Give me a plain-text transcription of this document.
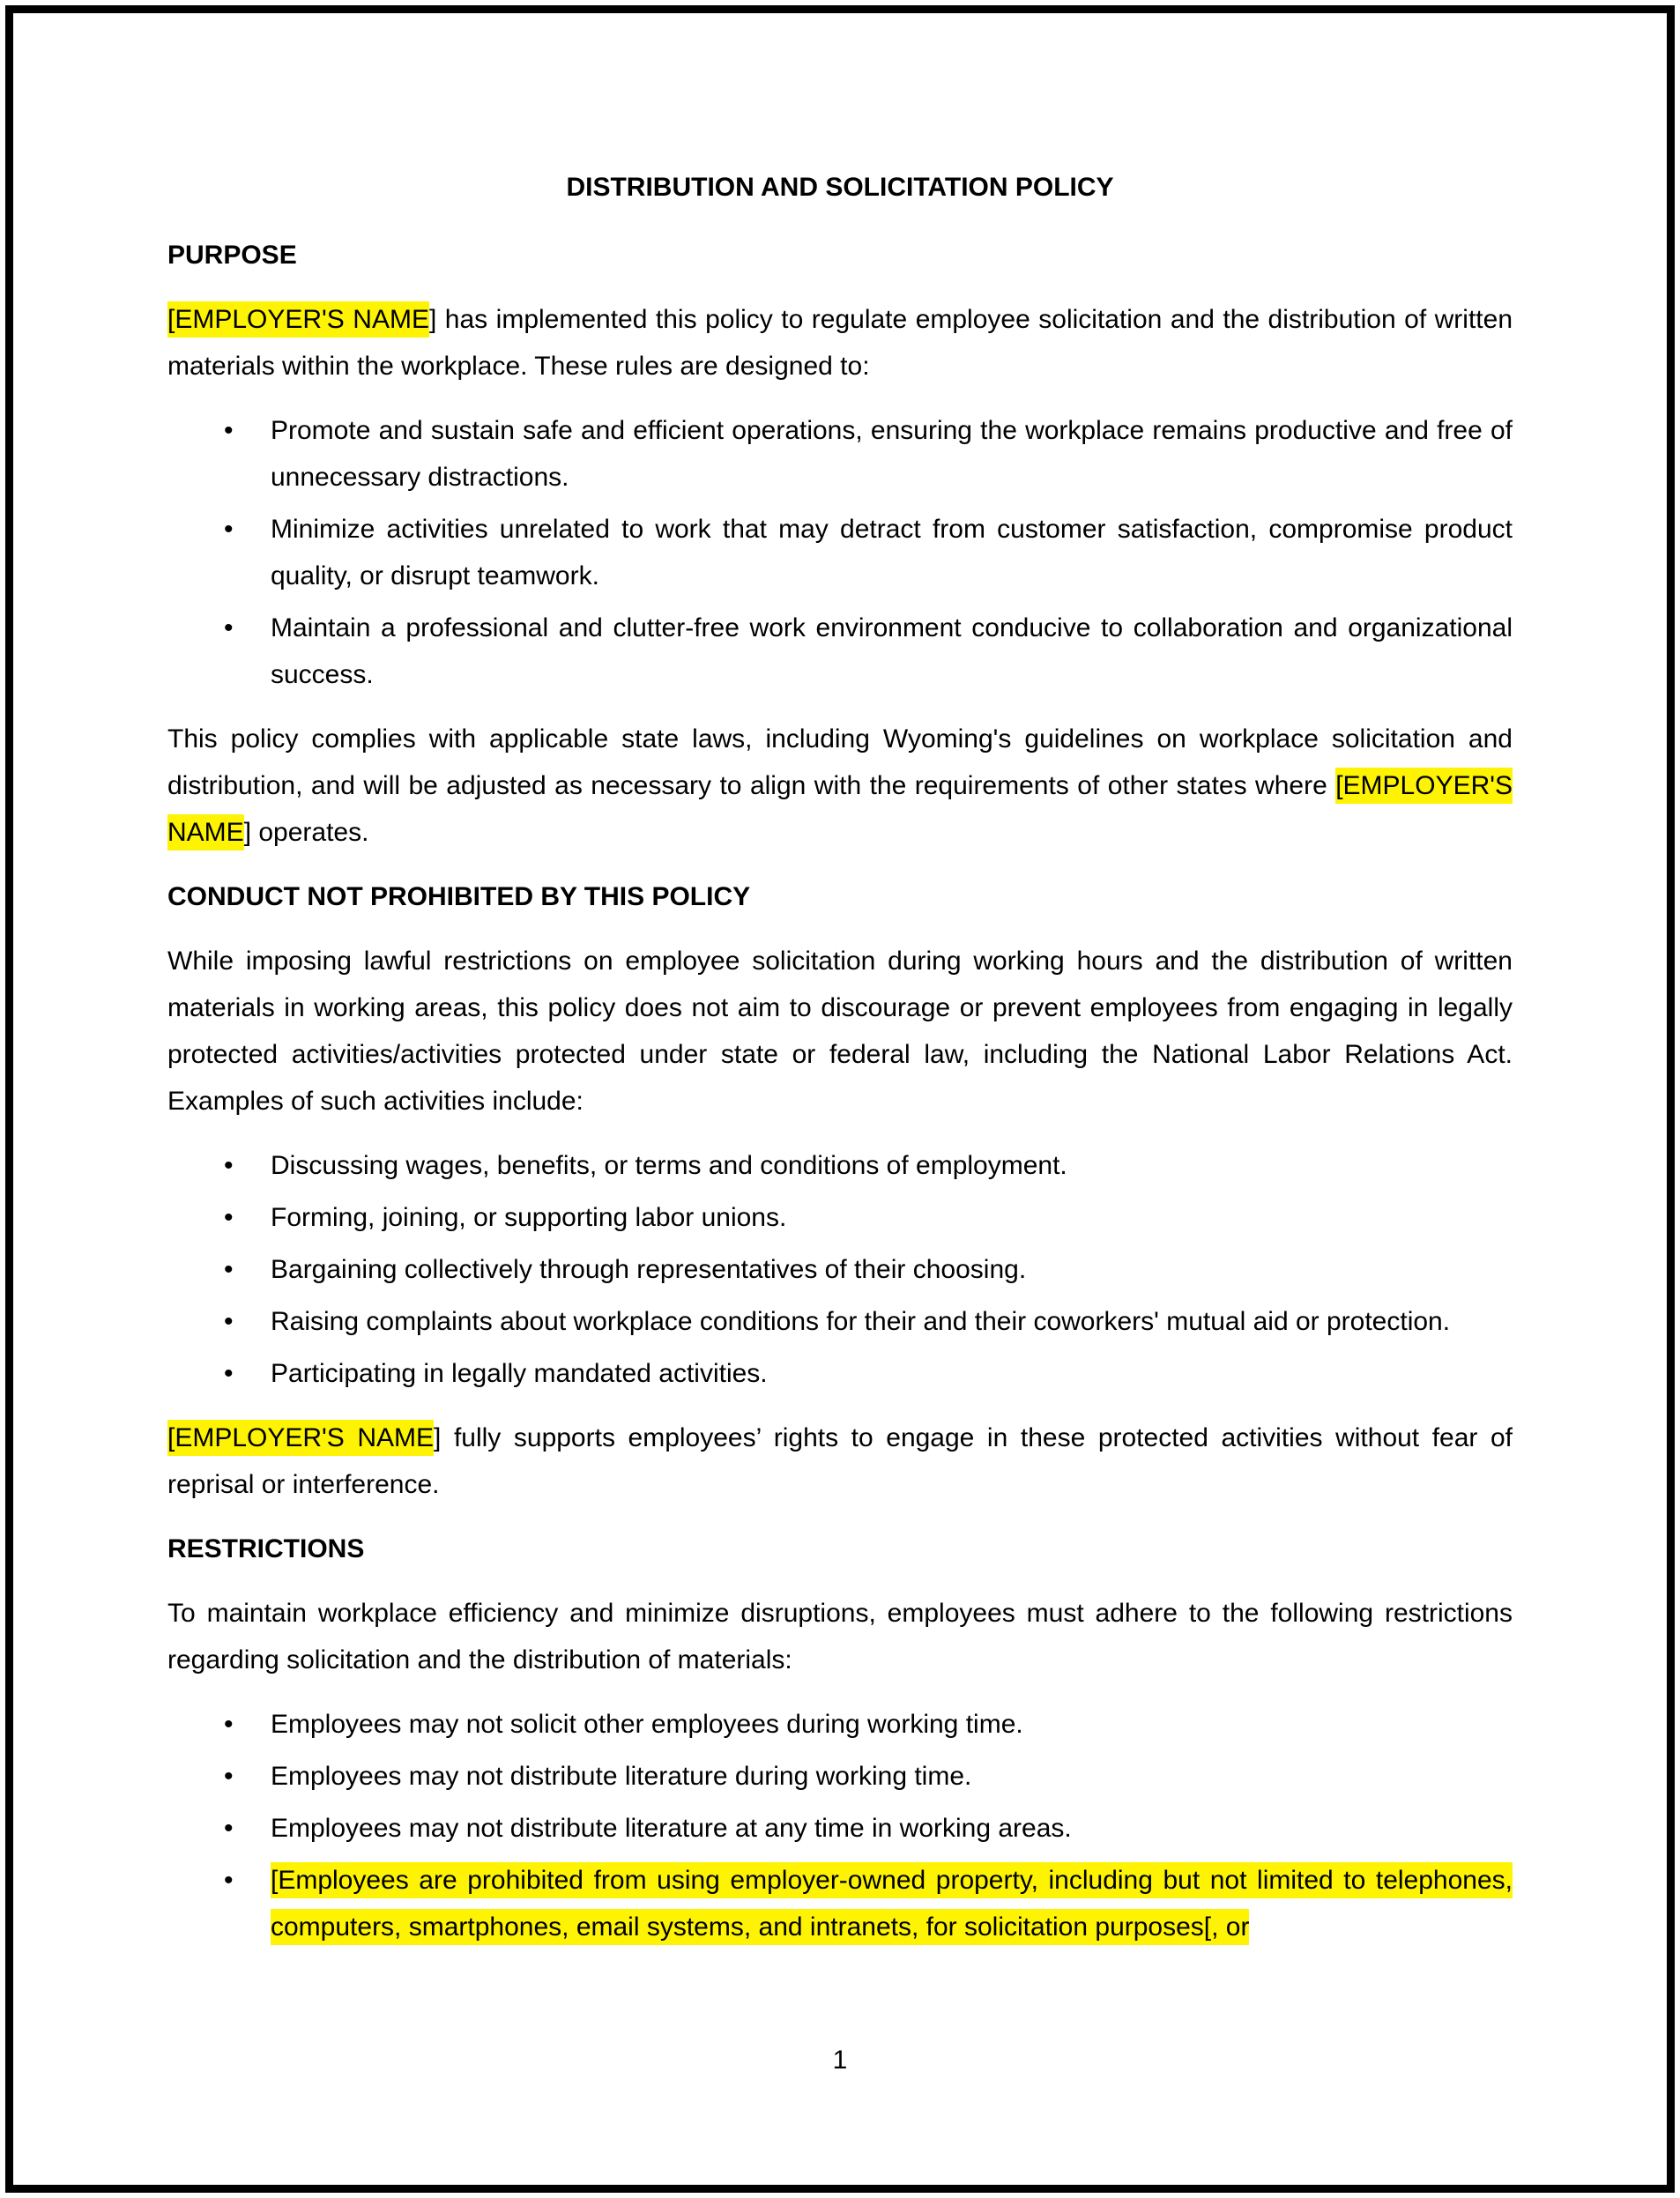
DISTRIBUTION AND SOLICITATION POLICY
PURPOSE

[EMPLOYER'S NAME] has implemented this policy to regulate employee solicitation and the distribution of written materials within the workplace. These rules are designed to:

• Promote and sustain safe and efficient operations, ensuring the workplace remains productive and free of unnecessary distractions.
• Minimize activities unrelated to work that may detract from customer satisfaction, compromise product quality, or disrupt teamwork.
• Maintain a professional and clutter-free work environment conducive to collaboration and organizational success.

This policy complies with applicable state laws, including Wyoming's guidelines on workplace solicitation and distribution, and will be adjusted as necessary to align with the requirements of other states where [EMPLOYER'S NAME] operates.

CONDUCT NOT PROHIBITED BY THIS POLICY

While imposing lawful restrictions on employee solicitation during working hours and the distribution of written materials in working areas, this policy does not aim to discourage or prevent employees from engaging in legally protected activities/activities protected under state or federal law, including the National Labor Relations Act. Examples of such activities include:

• Discussing wages, benefits, or terms and conditions of employment.
• Forming, joining, or supporting labor unions.
• Bargaining collectively through representatives of their choosing.
• Raising complaints about workplace conditions for their and their coworkers' mutual aid or protection.
• Participating in legally mandated activities.

[EMPLOYER'S NAME] fully supports employees’ rights to engage in these protected activities without fear of reprisal or interference.

RESTRICTIONS

To maintain workplace efficiency and minimize disruptions, employees must adhere to the following restrictions regarding solicitation and the distribution of materials:

• Employees may not solicit other employees during working time.
• Employees may not distribute literature during working time.
• Employees may not distribute literature at any time in working areas.
• [Employees are prohibited from using employer-owned property, including but not limited to telephones, computers, smartphones, email systems, and intranets, for solicitation purposes[, or
1
